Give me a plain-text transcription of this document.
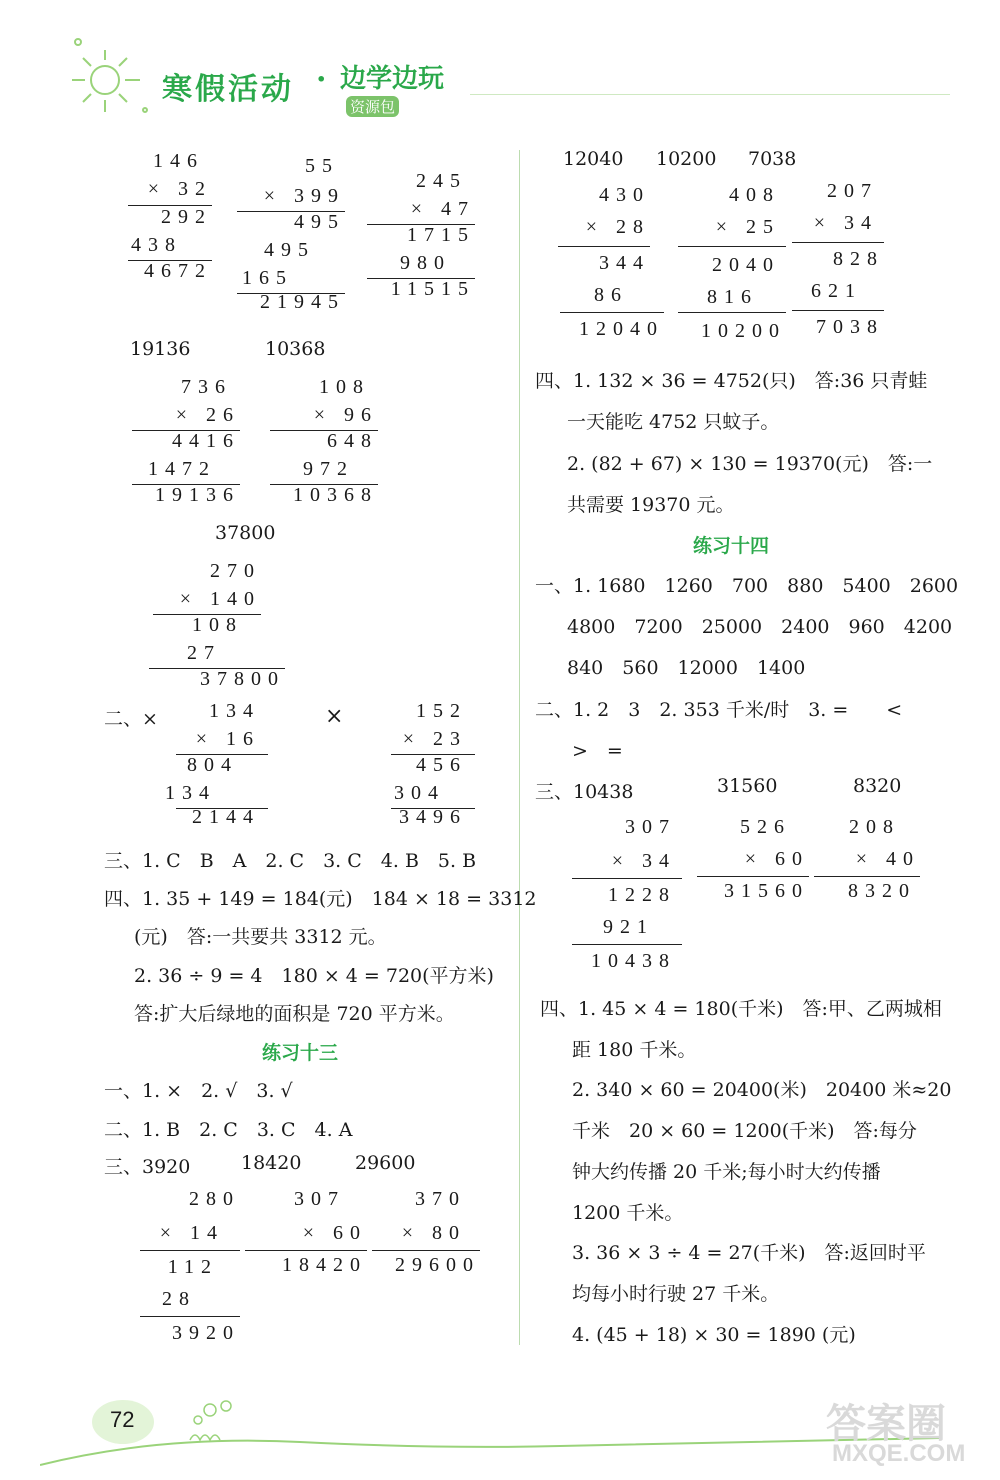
寒假活动 · 边学边玩
资源包
146
× 32
292
438
4672
55
× 399
495
495
165
21945
245
× 47
1715
980
11515
19136	10368
736
× 26
4416
1472
19136
108
× 96
648
972
10368
37800
270
× 140
108
27
37800
二、×	×
134
× 16
804
134
2144
152
× 23
456
304
3496
三、1. C　B　A　2. C　3. C　4. B　5. B
四、1. 35 + 149 = 184(元)　184 × 18 = 3312
(元)　答:一共要共 3312 元。
2. 36 ÷ 9 = 4　180 × 4 = 720(平方米)
答:扩大后绿地的面积是 720 平方米。
练习十三
一、1. ×　2. √　3. √
二、1. B　2. C　3. C　4. A
三、3920	18420	29600
280
× 14
112
28
3920
307
× 60
18420
370
× 80
29600
12040 10200 7038
430
× 28
344
86
12040
408
× 25
2040
816
10200
207
× 34
828
621
7038
四、1. 132 × 36 = 4752(只)　答:36 只青蛙
一天能吃 4752 只蚊子。
2. (82 + 67) × 130 = 19370(元)　答:一
共需要 19370 元。
练习十四
一、1. 1680　1260　700　880　5400　2600
4800　7200　25000　2400　960　4200
840　560　12000　1400
二、1. 2　3　2. 353 千米/时　3. =　　<
>　=
三、10438	31560	8320
307
× 34
1228
921
10438
526
× 60
31560
208
× 40
8320
四、1. 45 × 4 = 180(千米)　答:甲、乙两城相
距 180 千米。
2. 340 × 60 = 20400(米)　20400 米≈20
千米　20 × 60 = 1200(千米)　答:每分
钟大约传播 20 千米;每小时大约传播
1200 千米。
3. 36 × 3 ÷ 4 = 27(千米)　答:返回时平
均每小时行驶 27 千米。
4. (45 + 18) × 30 = 1890 (元)
72	答案圈
MXQE.COM
